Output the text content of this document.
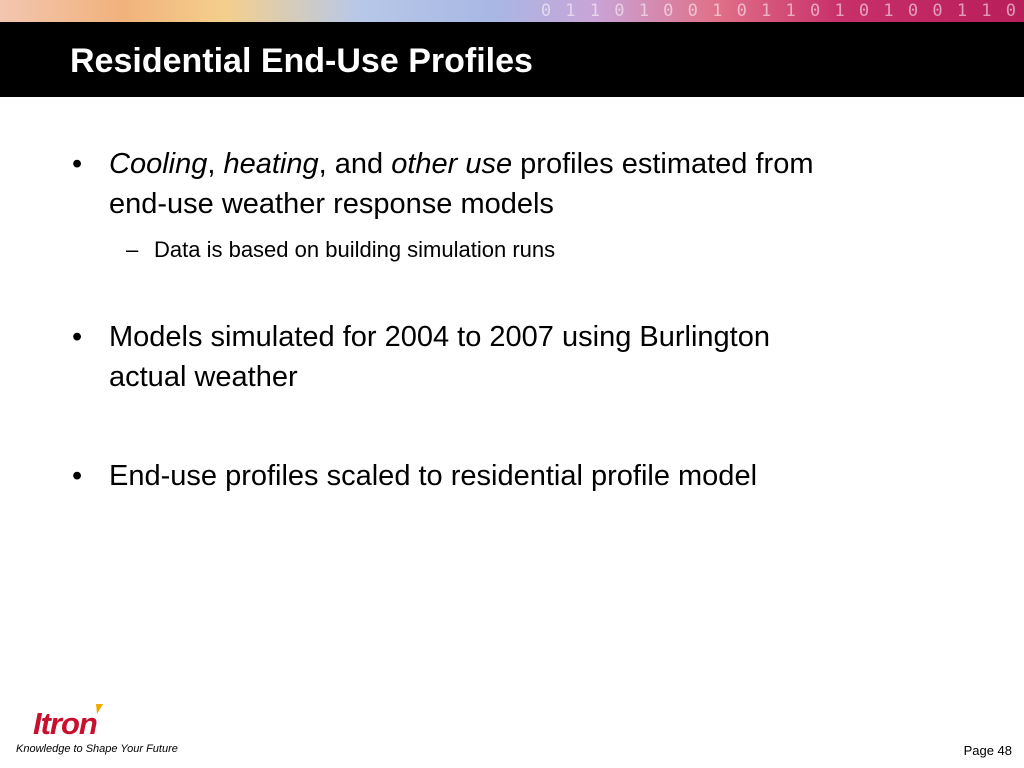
0 1 1 0 1 0 0 1 0 1 1 0 1 0 1 0 0 1 1 0
Residential End-Use Profiles
• Cooling, heating, and other use profiles estimated from
end-use weather response models
– Data is based on building simulation runs
• Models simulated for 2004 to 2007 using Burlington
actual weather
• End-use profiles scaled to residential profile model
Itron
Knowledge to Shape Your Future	Page 48
